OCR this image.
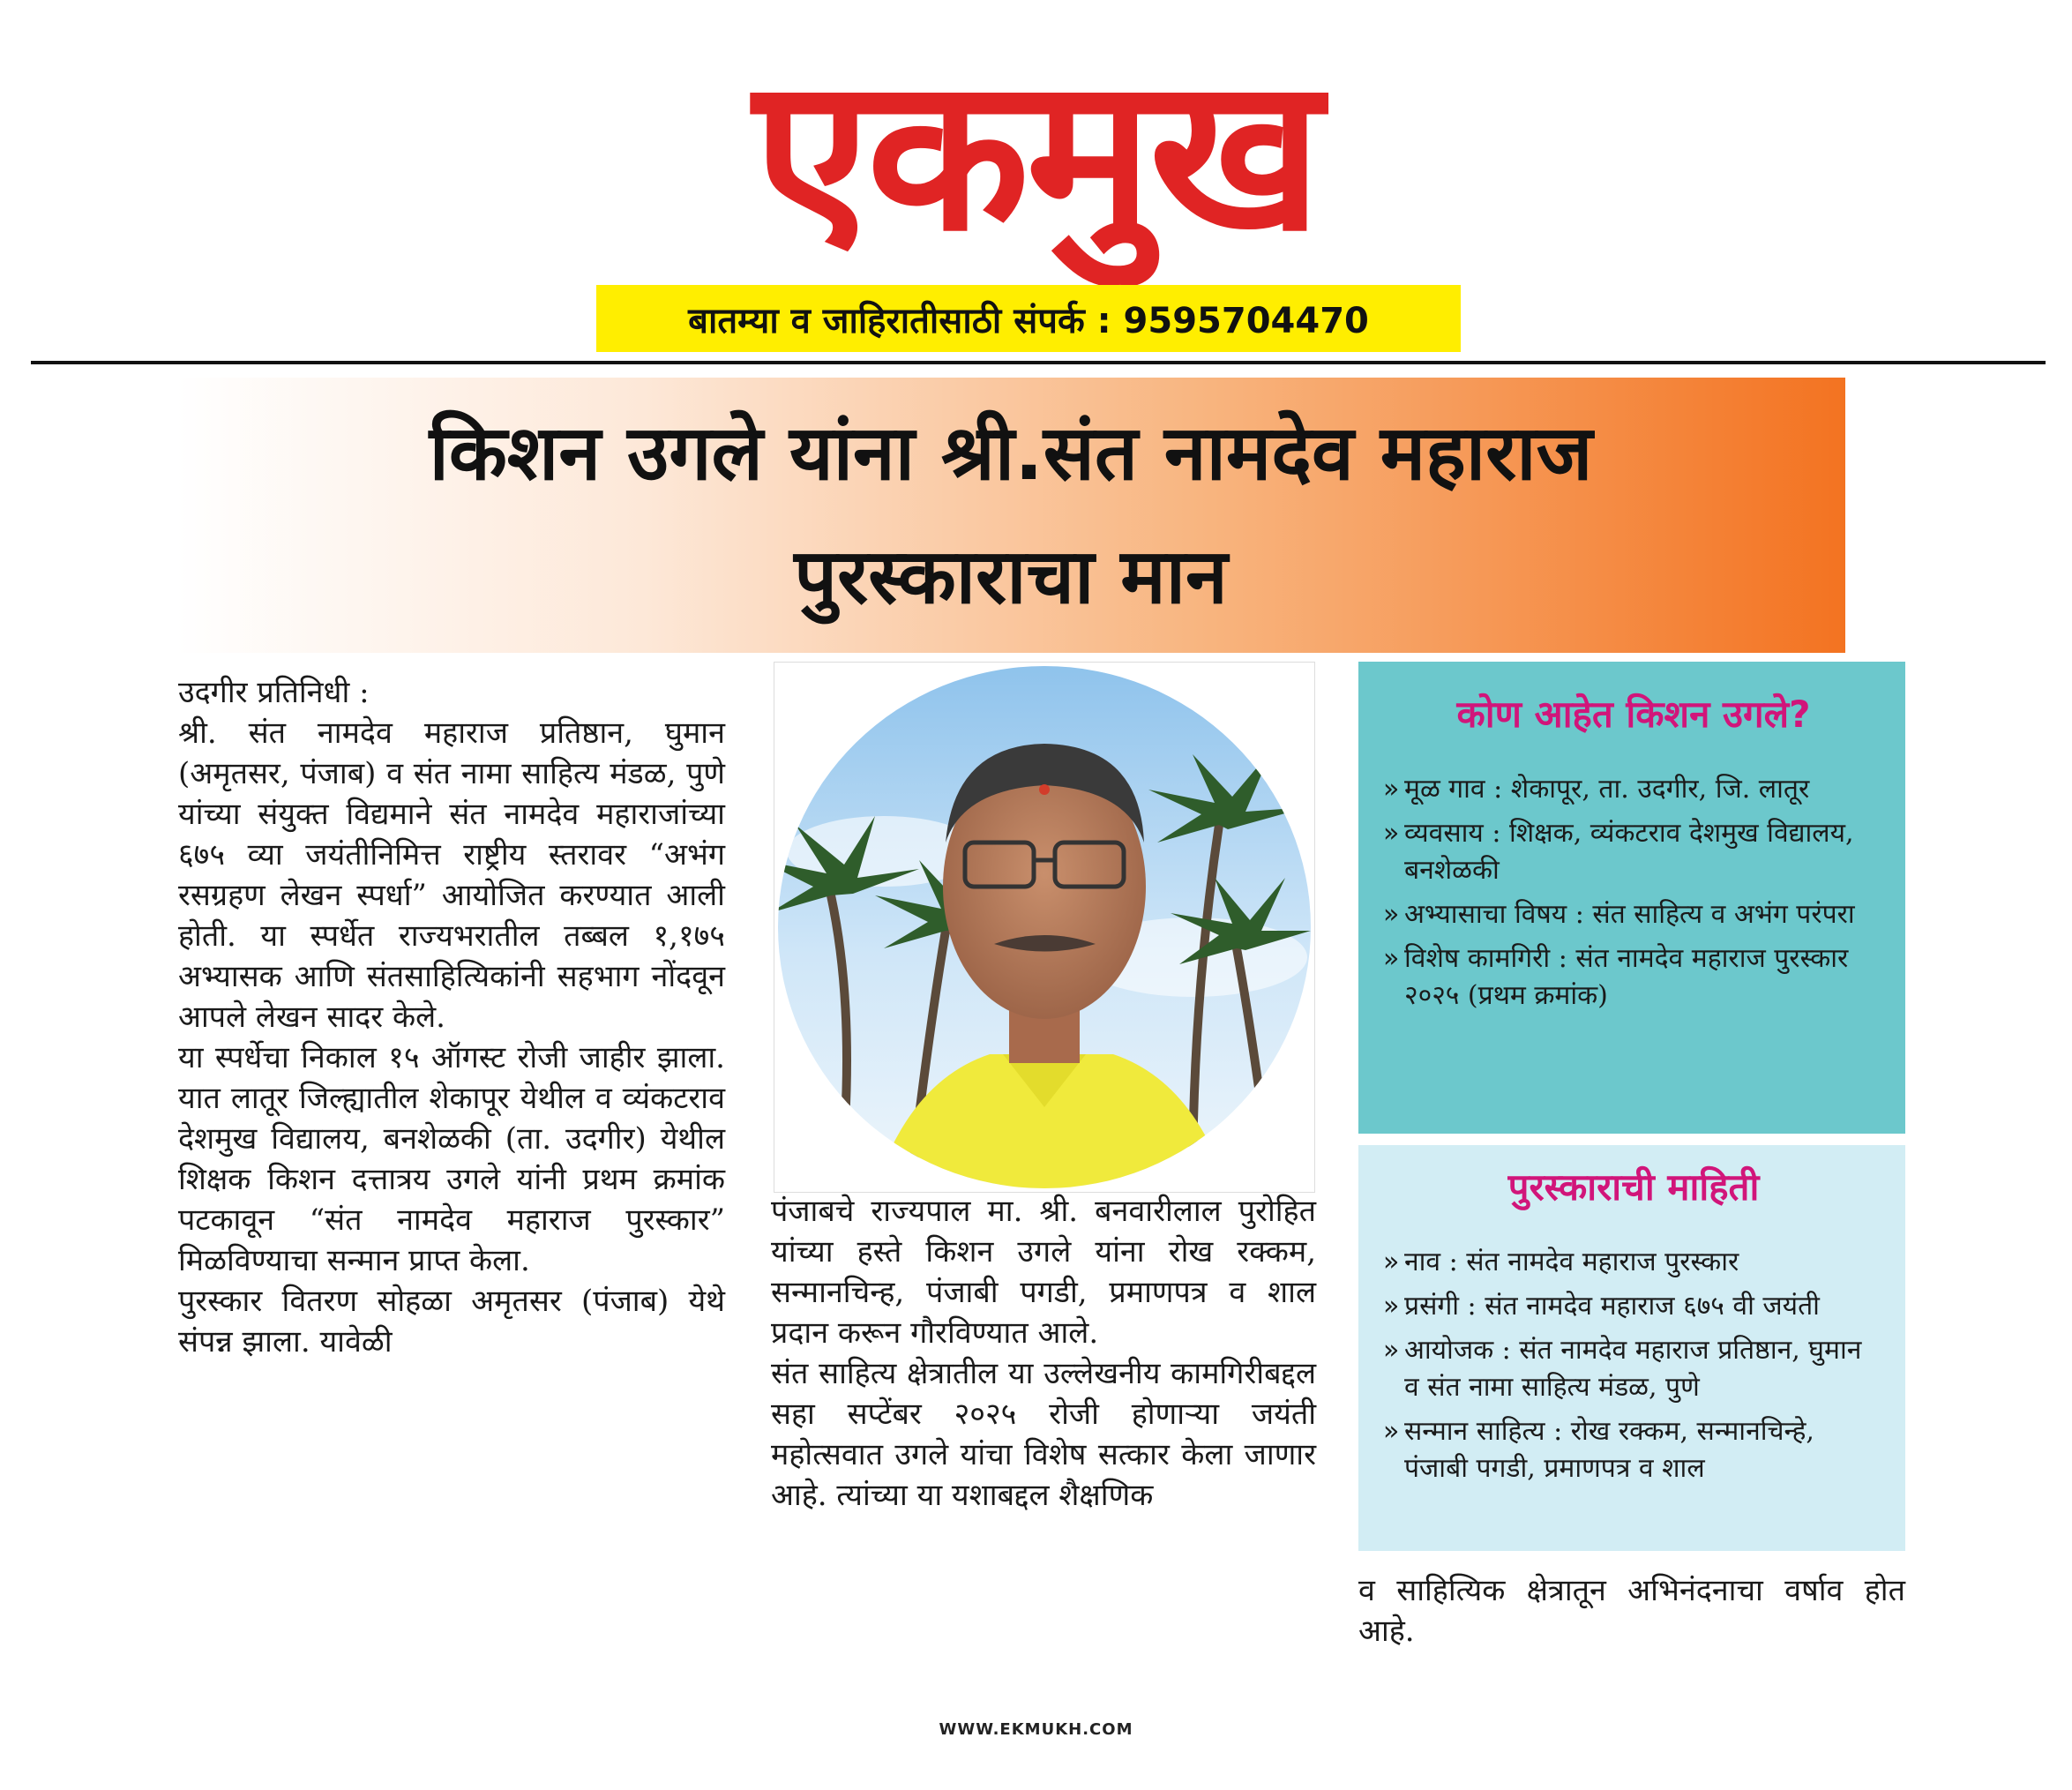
एकमुख
बातम्या व जाहिरातीसाठी संपर्क : 9595704470
किशन उगले यांना श्री.संत नामदेव महाराज
पुरस्काराचा मान

उदगीर प्रतिनिधी :

श्री. संत नामदेव महाराज प्रतिष्ठान, घुमान (अमृतसर, पंजाब) व संत नामा साहित्य मंडळ, पुणे यांच्या संयुक्त विद्यमाने संत नामदेव महाराजांच्या ६७५ व्या जयंतीनिमित्त राष्ट्रीय स्तरावर “अभंग रसग्रहण लेखन स्पर्धा” आयोजित करण्यात आली होती. या स्पर्धेत राज्यभरातील तब्बल १,१७५ अभ्यासक आणि संतसाहित्यिकांनी सहभाग नोंदवून आपले लेखन सादर केले.

या स्पर्धेचा निकाल १५ ऑगस्ट रोजी जाहीर झाला. यात लातूर जिल्ह्यातील शेकापूर येथील व व्यंकटराव देशमुख विद्यालय, बनशेळकी (ता. उदगीर) येथील शिक्षक किशन दत्तात्रय उगले यांनी प्रथम क्रमांक पटकावून “संत नामदेव महाराज पुरस्कार” मिळविण्याचा सन्मान प्राप्त केला.

पुरस्कार वितरण सोहळा अमृतसर (पंजाब) येथे संपन्न झाला. यावेळी

पंजाबचे राज्यपाल मा. श्री. बनवारीलाल पुरोहित यांच्या हस्ते किशन उगले यांना रोख रक्कम, सन्मानचिन्ह, पंजाबी पगडी, प्रमाणपत्र व शाल प्रदान करून गौरविण्यात आले.

संत साहित्य क्षेत्रातील या उल्लेखनीय कामगिरीबद्दल सहा सप्टेंबर २०२५ रोजी होणाऱ्या जयंती महोत्सवात उगले यांचा विशेष सत्कार केला जाणार आहे. त्यांच्या या यशाबद्दल शैक्षणिक

कोण आहेत किशन उगले?
» मूळ गाव : शेकापूर, ता. उदगीर, जि. लातूर
» व्यवसाय : शिक्षक, व्यंकटराव देशमुख विद्यालय, बनशेळकी
» अभ्यासाचा विषय : संत साहित्य व अभंग परंपरा
» विशेष कामगिरी : संत नामदेव महाराज पुरस्कार २०२५ (प्रथम क्रमांक)
पुरस्काराची माहिती
» नाव : संत नामदेव महाराज पुरस्कार
» प्रसंगी : संत नामदेव महाराज ६७५ वी जयंती
» आयोजक : संत नामदेव महाराज प्रतिष्ठान, घुमान व संत नामा साहित्य मंडळ, पुणे
» सन्मान साहित्य : रोख रक्कम, सन्मानचिन्हे, पंजाबी पगडी, प्रमाणपत्र व शाल

व साहित्यिक क्षेत्रातून अभिनंदनाचा वर्षाव होत आहे.

WWW.EKMUKH.COM
